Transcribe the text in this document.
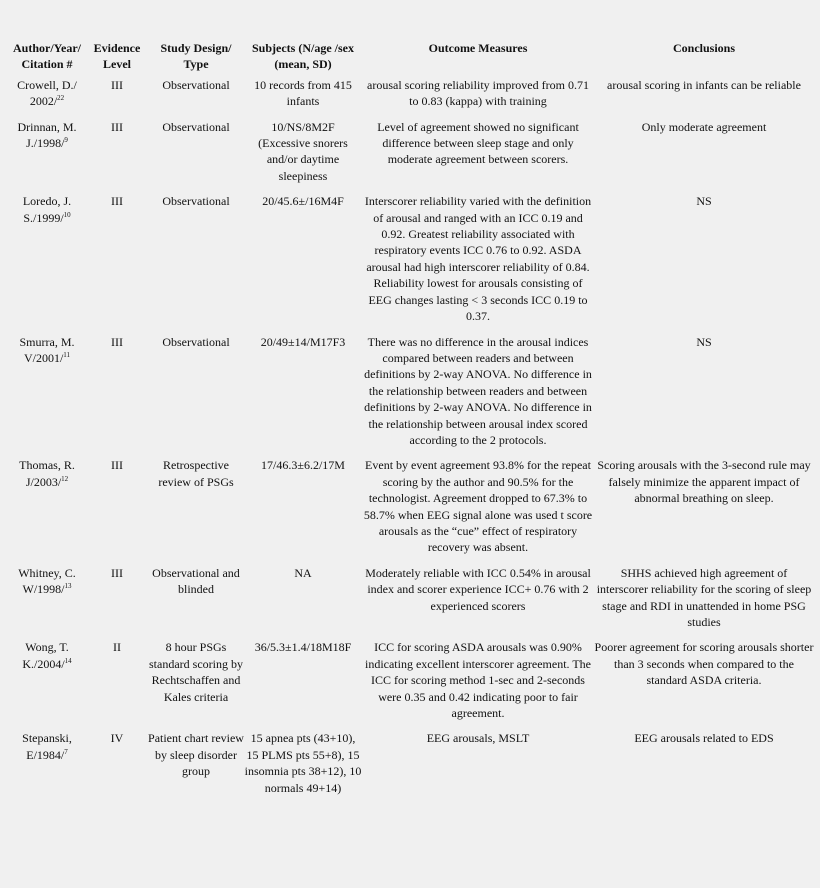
Author/Year/ Citation #	Evidence Level	Study Design/ Type	Subjects (N/age /sex (mean, SD)	Outcome Measures	Conclusions
Crowell, D./ 2002/$^{22}$	III	Observational	10 records from 415 infants	arousal scoring reliability improved from 0.71 to 0.83 (kappa) with training	arousal scoring in infants can be reliable
Drinnan, M. J./1998/$^9$	III	Observational	10/NS/8M2F (Excessive snorers and/or daytime sleepiness	Level of agreement showed no significant difference between sleep stage and only moderate agreement between scorers.	Only moderate agreement
Loredo, J. S./1999/$^{10}$	III	Observational	20/45.6±/16M4F	Interscorer reliability varied with the definition of arousal and ranged with an ICC 0.19 and 0.92. Greatest reliability associated with respiratory events ICC 0.76 to 0.92. ASDA arousal had high interscorer reliability of 0.84. Reliability lowest for arousals consisting of EEG changes lasting < 3 seconds ICC 0.19 to 0.37.	NS
Smurra, M. V/2001/$^{11}$	III	Observational	20/49±14/M17F3	There was no difference in the arousal indices compared between readers and between definitions by 2-way ANOVA. No difference in the relationship between readers and between definitions by 2-way ANOVA. No difference in the relationship between arousal index scored according to the 2 protocols.	NS
Thomas, R. J/2003/$^{12}$	III	Retrospective review of PSGs	17/46.3±6.2/17M	Event by event agreement 93.8% for the repeat scoring by the author and 90.5% for the technologist. Agreement dropped to 67.3% to 58.7% when EEG signal alone was used t score arousals as the “cue” effect of respiratory recovery was absent.	Scoring arousals with the 3-second rule may falsely minimize the apparent impact of abnormal breathing on sleep.
Whitney, C. W/1998/$^{13}$	III	Observational and blinded	NA	Moderately reliable with ICC 0.54% in arousal index and scorer experience ICC+ 0.76 with 2 experienced scorers	SHHS achieved high agreement of interscorer reliability for the scoring of sleep stage and RDI in unattended in home PSG studies
Wong, T. K./2004/$^{14}$	II	8 hour PSGs standard scoring by Rechtschaffen and Kales criteria	36/5.3±1.4/18M18F	ICC for scoring ASDA arousals was 0.90% indicating excellent interscorer agreement. The ICC for scoring method 1-sec and 2-seconds were 0.35 and 0.42 indicating poor to fair agreement.	Poorer agreement for scoring arousals shorter than 3 seconds when compared to the standard ASDA criteria.
Stepanski, E/1984/$^7$	IV	Patient chart review by sleep disorder group	15 apnea pts (43+10), 15 PLMS pts 55+8), 15 insomnia pts 38+12), 10 normals 49+14)	EEG arousals, MSLT	EEG arousals related to EDS
